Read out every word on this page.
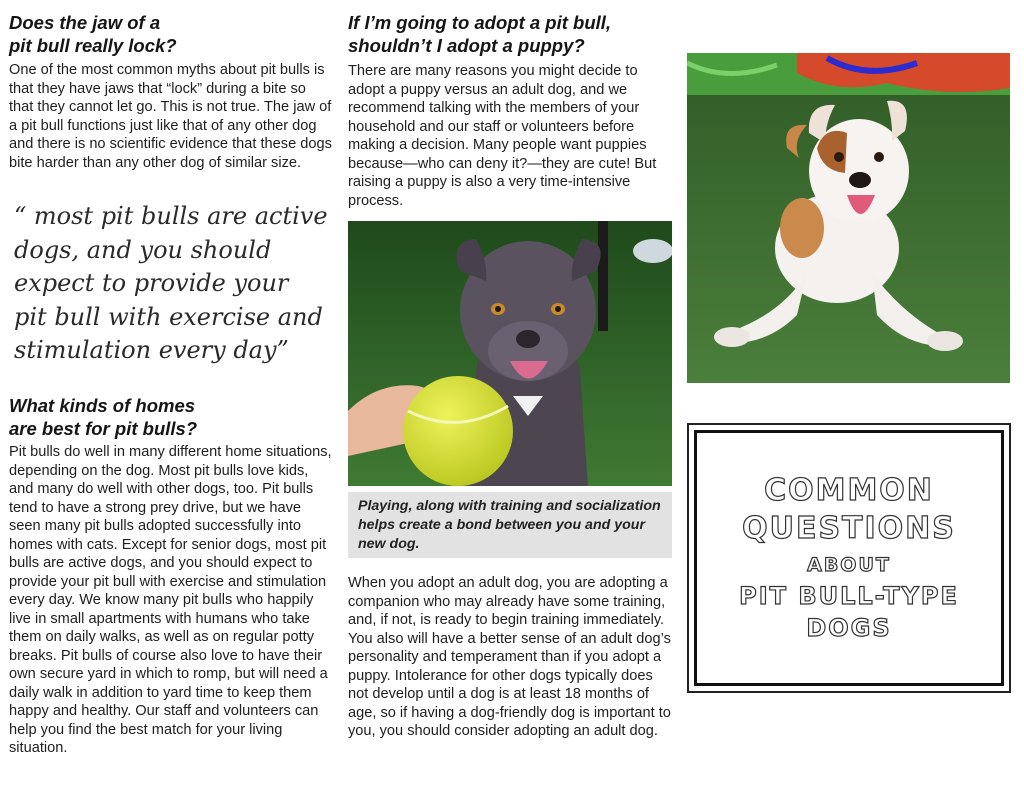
Does the jaw of a
pit bull really lock?

One of the most common myths about pit bulls is that they have jaws that “lock” during a bite so that they cannot let go. This is not true. The jaw of a pit bull functions just like that of any other dog and there is no scientific evidence that these dogs bite harder than any other dog of similar size.

“ most pit bulls are active
dogs, and you should
expect to provide your
pit bull with exercise and
stimulation every day”
What kinds of homes
are best for pit bulls?

Pit bulls do well in many different home situations, depending on the dog. Most pit bulls love kids, and many do well with other dogs, too. Pit bulls tend to have a strong prey drive, but we have seen many pit bulls adopted successfully into homes with cats. Except for senior dogs, most pit bulls are active dogs, and you should expect to provide your pit bull with exercise and stimulation every day. We know many pit bulls who happily live in small apartments with humans who take them on daily walks, as well as on regular potty breaks. Pit bulls of course also love to have their own secure yard in which to romp, but will need a daily walk in addition to yard time to keep them happy and healthy. Our staff and volunteers can help you find the best match for your living situation.

If I’m going to adopt a pit bull,
shouldn’t I adopt a puppy?

There are many reasons you might decide to adopt a puppy versus an adult dog, and we recommend talking with the members of your household and our staff or volunteers before making a decision. Many people want puppies because—who can deny it?—they are cute! But raising a puppy is also a very time-intensive process.

Playing, along with training and socialization helps create a bond between you and your new dog.

When you adopt an adult dog, you are adopting a companion who may already have some training, and, if not, is ready to begin training immediately. You also will have a better sense of an adult dog’s personality and temperament than if you adopt a puppy. Intolerance for other dogs typically does not develop until a dog is at least 18 months of age, so if having a dog-friendly dog is important to you, you should consider adopting an adult dog.

COMMON
QUESTIONS
ABOUT
PIT BULL-TYPE
DOGS
